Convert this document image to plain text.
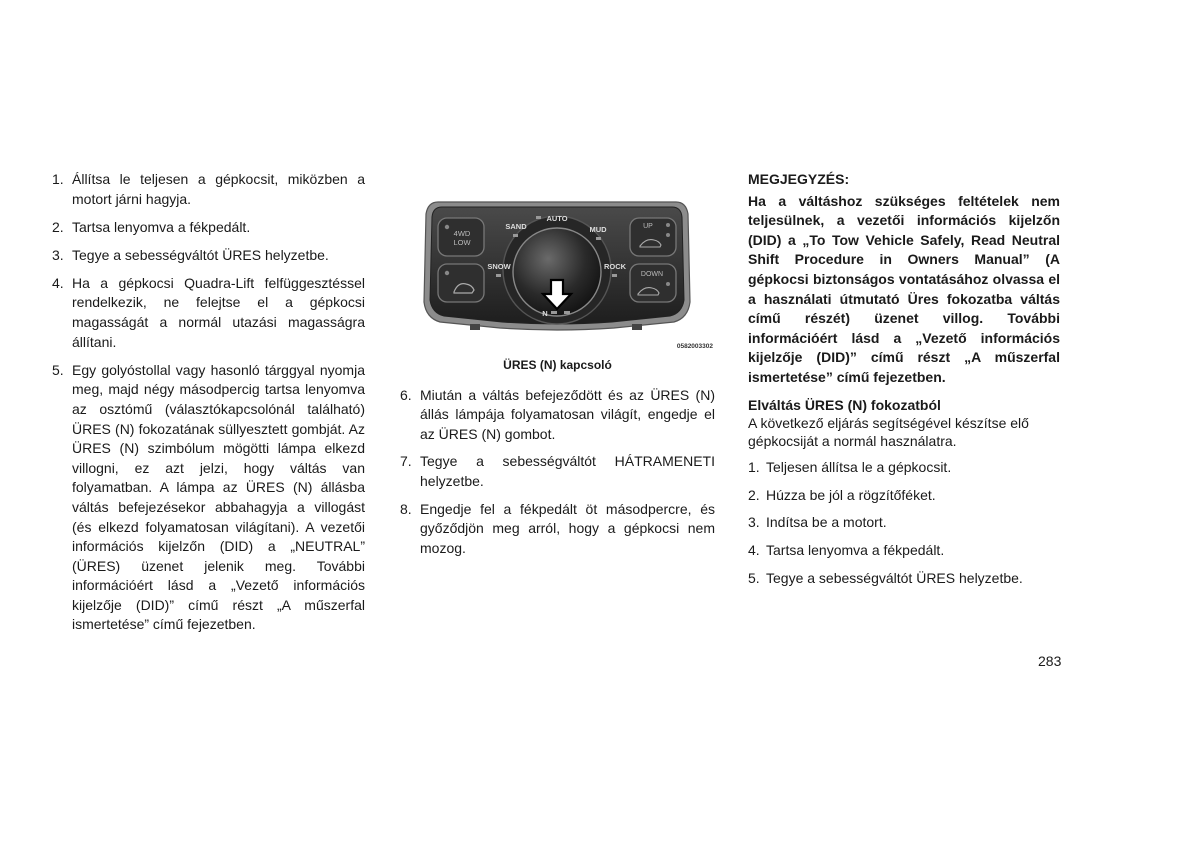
1. Állítsa le teljesen a gépkocsit, miközben a motort járni hagyja.
2. Tartsa lenyomva a fékpedált.
3. Tegye a sebességváltót ÜRES helyzetbe.
4. Ha a gépkocsi Quadra-Lift felfüggesztéssel rendelkezik, ne felejtse el a gépkocsi magasságát a normál utazási magasságra állítani.
5. Egy golyóstollal vagy hasonló tárggyal nyomja meg, majd négy másodpercig tartsa lenyomva az osztómű (választókapcsolónál található) ÜRES (N) fokozatának süllyesztett gombját. Az ÜRES (N) szimbólum mögötti lámpa elkezd villogni, ez azt jelzi, hogy váltás van folyamatban. A lámpa az ÜRES (N) állásba váltás befejezésekor abbahagyja a villogást (és elkezd folyamatosan világítani). A vezetői információs kijelzőn (DID) a „NEUTRAL” (ÜRES) üzenet jelenik meg. További információért lásd a „Vezető információs kijelzője (DID)” című részt „A műszerfal ismertetése” című fejezetben.
4WD
LOW
UP
DOWN
AUTO
SAND	MUD
SNOW	ROCK
N
0582003302
ÜRES (N) kapcsoló
6. Miután a váltás befejeződött és az ÜRES (N) állás lámpája folyamatosan világít, engedje el az ÜRES (N) gombot.
7. Tegye a sebességváltót HÁTRAMENETI helyzetbe.
8. Engedje fel a fékpedált öt másodpercre, és győződjön meg arról, hogy a gépkocsi nem mozog.

MEGJEGYZÉS:

Ha a váltáshoz szükséges feltételek nem teljesülnek, a vezetői információs kijelzőn (DID) a „To Tow Vehicle Safely, Read Neutral Shift Procedure in Owners Manual” (A gépkocsi biztonságos vontatásához olvassa el a használati útmutató Üres fokozatba váltás című részét) üzenet villog. További információért lásd a „Vezető információs kijelzője (DID)” című részt „A műszerfal ismertetése” című fejezetben.

Elváltás ÜRES (N) fokozatból

A következő eljárás segítségével készítse elő gépkocsiját a normál használatra.

1. Teljesen állítsa le a gépkocsit.
2. Húzza be jól a rögzítőféket.
3. Indítsa be a motort.
4. Tartsa lenyomva a fékpedált.
5. Tegye a sebességváltót ÜRES helyzetbe.
283
